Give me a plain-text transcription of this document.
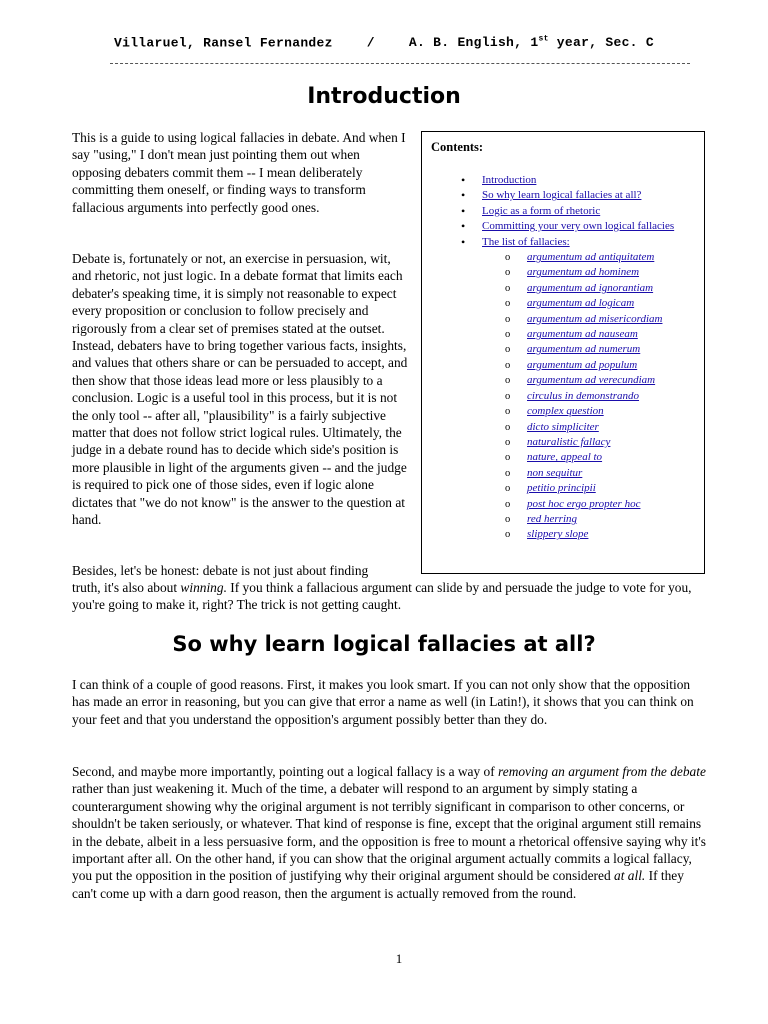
Villaruel, Ransel Fernandez	/	A. B. English, 1st year, Sec. C
Introduction

This is a guide to using logical fallacies in debate. And when I say "using," I don't mean just pointing them out when opposing debaters commit them -- I mean deliberately committing them oneself, or finding ways to transform fallacious arguments into perfectly good ones.

Debate is, fortunately or not, an exercise in persuasion, wit, and rhetoric, not just logic. In a debate format that limits each debater's speaking time, it is simply not reasonable to expect every proposition or conclusion to follow precisely and rigorously from a clear set of premises stated at the outset. Instead, debaters have to bring together various facts, insights, and values that others share or can be persuaded to accept, and then show that those ideas lead more or less plausibly to a conclusion. Logic is a useful tool in this process, but it is not the only tool -- after all, "plausibility" is a fairly subjective matter that does not follow strict logical rules. Ultimately, the judge in a debate round has to decide which side's position is more plausible in light of the arguments given -- and the judge is required to pick one of those sides, even if logic alone dictates that "we do not know" is the answer to the question at hand.

Besides, let's be honest: debate is not just about finding

truth, it's also about winning. If you think a fallacious argument can slide by and persuade the judge to vote for you, you're going to make it, right? The trick is not getting caught.

Contents:
• Introduction
• So why learn logical fallacies at all?
• Logic as a form of rhetoric
• Committing your very own logical fallacies
• The list of fallacies:
o argumentum ad antiquitatem
o argumentum ad hominem
o argumentum ad ignorantiam
o argumentum ad logicam
o argumentum ad misericordiam
o argumentum ad nauseam
o argumentum ad numerum
o argumentum ad populum
o argumentum ad verecundiam
o circulus in demonstrando
o complex question
o dicto simpliciter
o naturalistic fallacy
o nature, appeal to
o non sequitur
o petitio principii
o post hoc ergo propter hoc
o red herring
o slippery slope
So why learn logical fallacies at all?

I can think of a couple of good reasons. First, it makes you look smart. If you can not only show that the opposition has made an error in reasoning, but you can give that error a name as well (in Latin!), it shows that you can think on your feet and that you understand the opposition's argument possibly better than they do.

Second, and maybe more importantly, pointing out a logical fallacy is a way of removing an argument from the debate rather than just weakening it. Much of the time, a debater will respond to an argument by simply stating a counterargument showing why the original argument is not terribly significant in comparison to other concerns, or shouldn't be taken seriously, or whatever. That kind of response is fine, except that the original argument still remains in the debate, albeit in a less persuasive form, and the opposition is free to mount a rhetorical offensive saying why it's important after all. On the other hand, if you can show that the original argument actually commits a logical fallacy, you put the opposition in the position of justifying why their original argument should be considered at all. If they can't come up with a darn good reason, then the argument is actually removed from the round.

1
